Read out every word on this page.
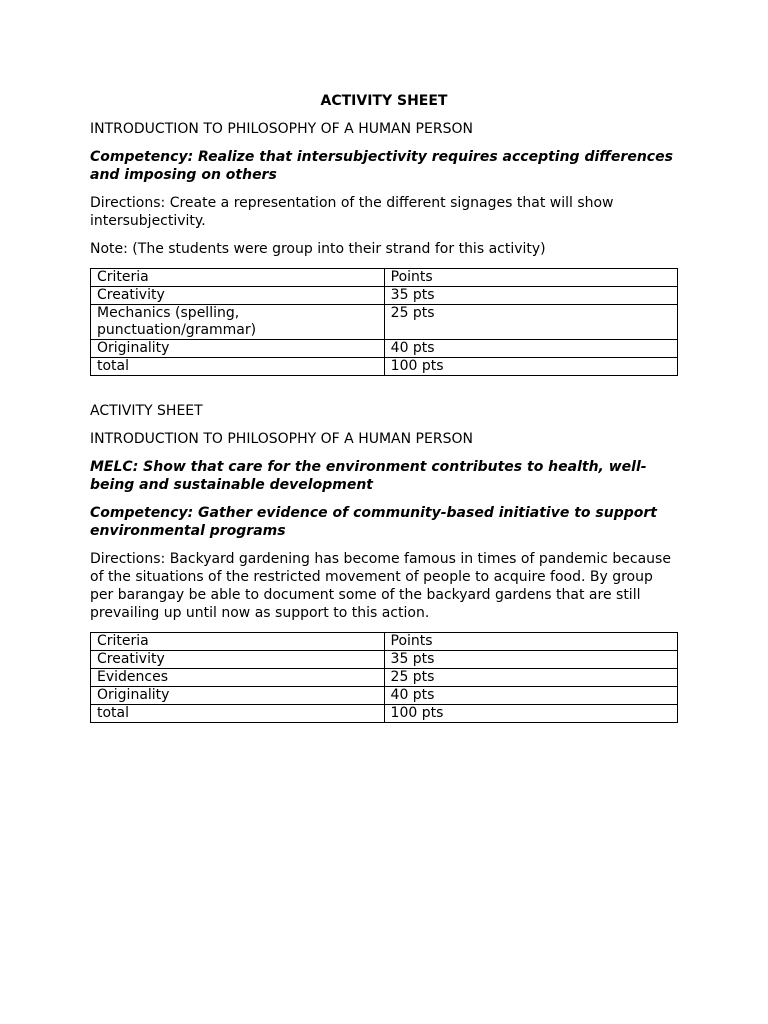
ACTIVITY SHEET
INTRODUCTION TO PHILOSOPHY OF A HUMAN PERSON

Competency: Realize that intersubjectivity requires accepting differences and imposing on others

Directions: Create a representation of the different signages that will show intersubjectivity.

Note: (The students were group into their strand for this activity)

Criteria	Points
Creativity	35 pts
Mechanics (spelling, punctuation/grammar)	25 pts
Originality	40 pts
total	100 pts
ACTIVITY SHEET
INTRODUCTION TO PHILOSOPHY OF A HUMAN PERSON

MELC: Show that care for the environment contributes to health, well-being and sustainable development

Competency: Gather evidence of community-based initiative to support environmental programs

Directions: Backyard gardening has become famous in times of pandemic because of the situations of the restricted movement of people to acquire food. By group per barangay be able to document some of the backyard gardens that are still prevailing up until now as support to this action.

Criteria	Points
Creativity	35 pts
Evidences	25 pts
Originality	40 pts
total	100 pts
